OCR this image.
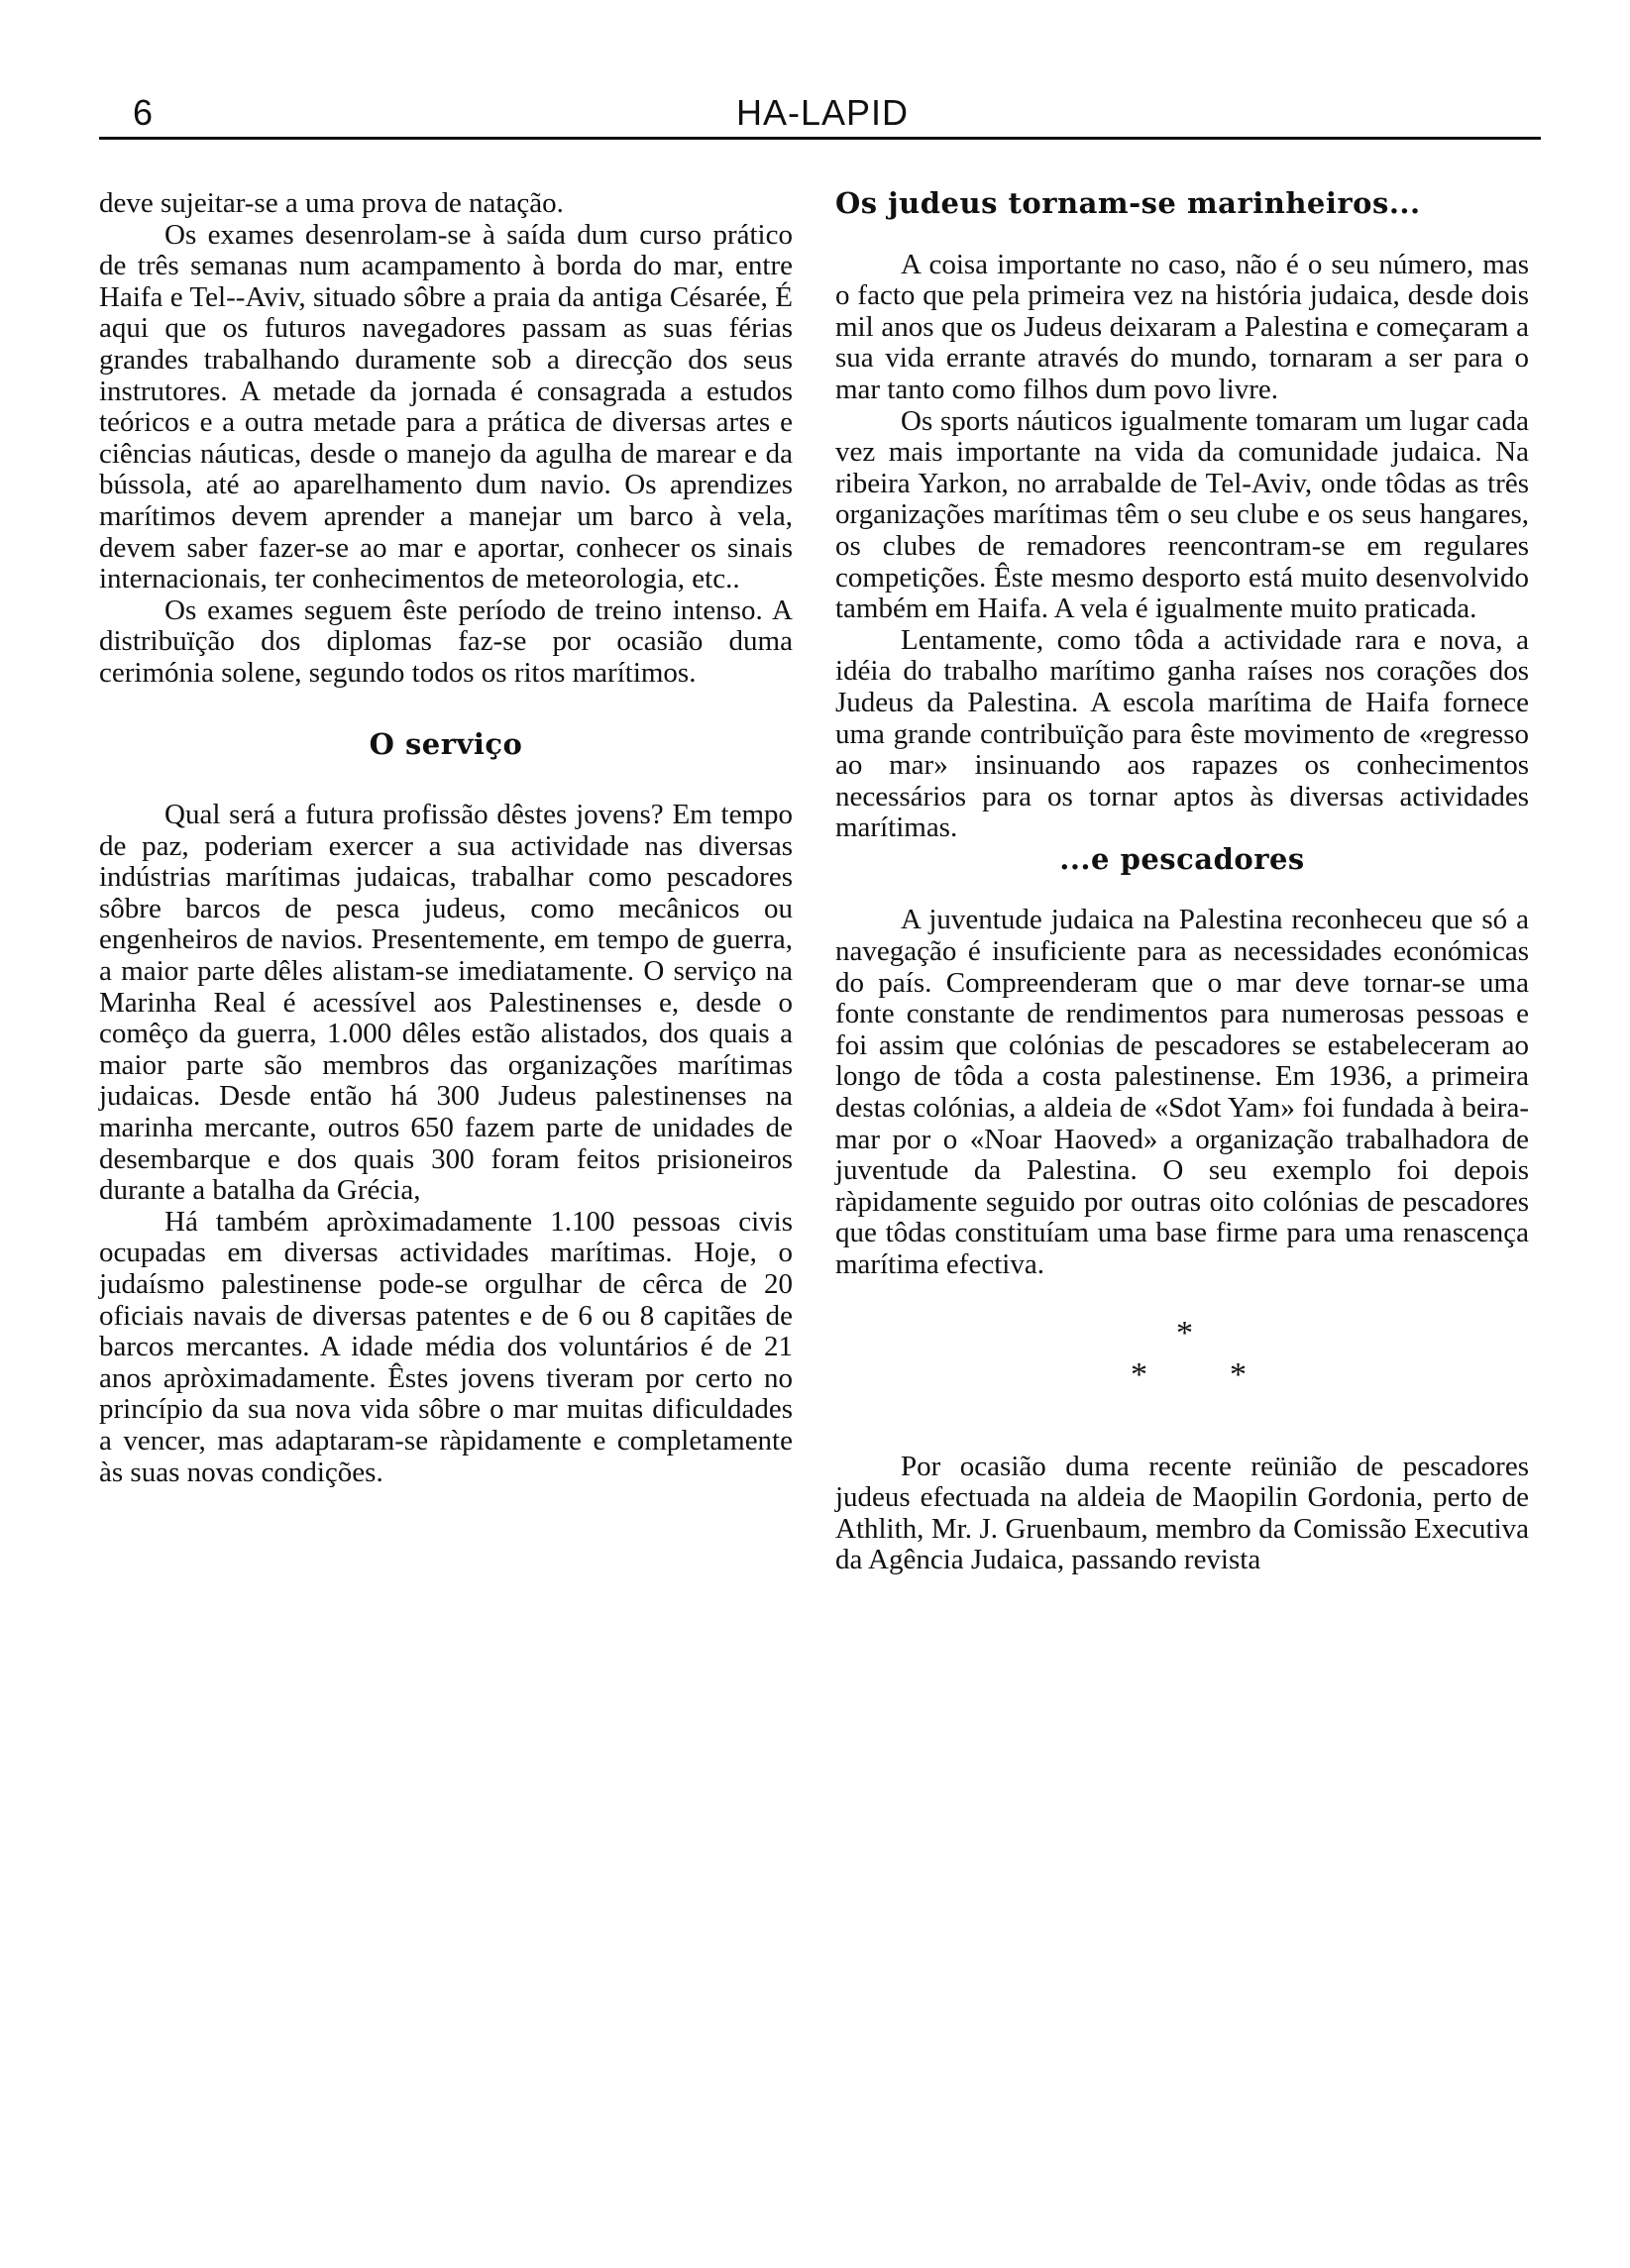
6	HA-LAPID

deve sujeitar-se a uma prova de natação.

Os exames desenrolam-se à saída dum curso prático de três semanas num acampamento à borda do mar, entre Haifa e Tel--Aviv, situado sôbre a praia da antiga Césarée, É aqui que os futuros navegadores passam as suas férias grandes trabalhando duramente sob a direcção dos seus instrutores. A metade da jornada é consagrada a estudos teóricos e a outra metade para a prática de diversas artes e ciências náuticas, desde o manejo da agulha de marear e da bússola, até ao aparelhamento dum navio. Os aprendizes marítimos devem aprender a manejar um barco à vela, devem saber fazer-se ao mar e aportar, conhecer os sinais internacionais, ter conhecimentos de meteorologia, etc..

Os exames seguem êste período de treino intenso. A distribuïção dos diplomas faz-se por ocasião duma cerimónia solene, segundo todos os ritos marítimos.

O serviço

Qual será a futura profissão dêstes jovens? Em tempo de paz, poderiam exercer a sua actividade nas diversas indústrias marítimas judaicas, trabalhar como pescadores sôbre barcos de pesca judeus, como mecânicos ou engenheiros de navios. Presentemente, em tempo de guerra, a maior parte dêles alistam-se imediatamente. O serviço na Marinha Real é acessível aos Palestinenses e, desde o comêço da guerra, 1.000 dêles estão alistados, dos quais a maior parte são membros das organizações marítimas judaicas. Desde então há 300 Judeus palestinenses na marinha mercante, outros 650 fazem parte de unidades de desembarque e dos quais 300 foram feitos prisioneiros durante a batalha da Grécia,

Há também apròximadamente 1.100 pessoas civis ocupadas em diversas actividades marítimas. Hoje, o judaísmo palestinense pode-se orgulhar de cêrca de 20 oficiais navais de diversas patentes e de 6 ou 8 capitães de barcos mercantes. A idade média dos voluntários é de 21 anos apròximadamente. Êstes jovens tiveram por certo no princípio da sua nova vida sôbre o mar muitas dificuldades a vencer, mas adaptaram-se ràpidamente e completamente às suas novas condições.

Os judeus tornam-se marinheiros...

A coisa importante no caso, não é o seu número, mas o facto que pela primeira vez na história judaica, desde dois mil anos que os Judeus deixaram a Palestina e começaram a sua vida errante através do mundo, tornaram a ser para o mar tanto como filhos dum povo livre.

Os sports náuticos igualmente tomaram um lugar cada vez mais importante na vida da comunidade judaica. Na ribeira Yarkon, no arrabalde de Tel-Aviv, onde tôdas as três organizações marítimas têm o seu clube e os seus hangares, os clubes de remadores reencontram-se em regulares competições. Êste mesmo desporto está muito desenvolvido também em Haifa. A vela é igualmente muito praticada.

Lentamente, como tôda a actividade rara e nova, a idéia do trabalho marítimo ganha raíses nos corações dos Judeus da Palestina. A escola marítima de Haifa fornece uma grande contribuïção para êste movimento de «regresso ao mar» insinuando aos rapazes os conhecimentos necessários para os tornar aptos às diversas actividades marítimas.

...e pescadores

A juventude judaica na Palestina reconheceu que só a navegação é insuficiente para as necessidades económicas do país. Compreenderam que o mar deve tornar-se uma fonte constante de rendimentos para numerosas pessoas e foi assim que colónias de pescadores se estabeleceram ao longo de tôda a costa palestinense. Em 1936, a primeira destas colónias, a aldeia de «Sdot Yam» foi fundada à beira-mar por o «Noar Haoved» a organização trabalhadora de juventude da Palestina. O seu exemplo foi depois ràpidamente seguido por outras oito colónias de pescadores que tôdas constituíam uma base firme para uma renascença marítima efectiva.

*
* *

Por ocasião duma recente reünião de pescadores judeus efectuada na aldeia de Maopilin Gordonia, perto de Athlith, Mr. J. Gruenbaum, membro da Comissão Executiva da Agência Judaica, passando revista
